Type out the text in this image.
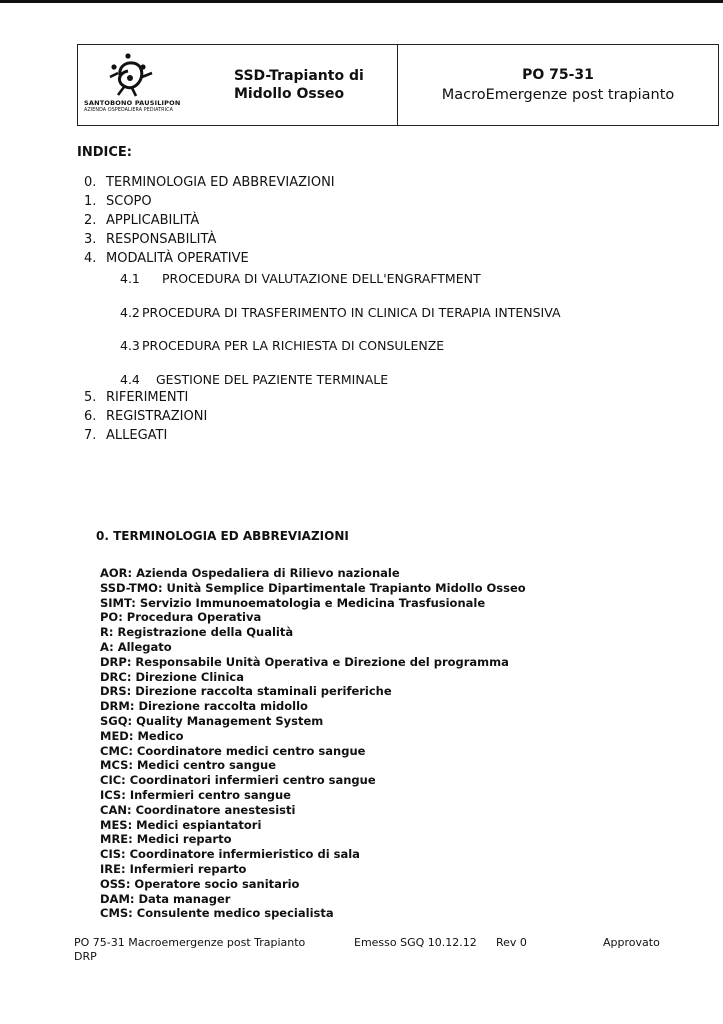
SANTOBONO PAUSILIPON
AZIENDA OSPEDALIERA PEDIATRICA
SSD-Trapianto di
Midollo Osseo
PO 75-31
MacroEmergenze post trapianto
INDICE:
0. TERMINOLOGIA ED ABBREVIAZIONI
1. SCOPO
2. APPLICABILITÀ
3. RESPONSABILITÀ
4. MODALITÀ OPERATIVE
4.1 PROCEDURA DI VALUTAZIONE DELL'ENGRAFTMENT
4.2 PROCEDURA DI TRASFERIMENTO IN CLINICA DI TERAPIA INTENSIVA
4.3 PROCEDURA PER LA RICHIESTA DI CONSULENZE
4.4 GESTIONE DEL PAZIENTE TERMINALE
5. RIFERIMENTI
6. REGISTRAZIONI
7. ALLEGATI
0. TERMINOLOGIA ED ABBREVIAZIONI
AOR: Azienda Ospedaliera di Rilievo nazionale
SSD-TMO: Unità Semplice Dipartimentale Trapianto Midollo Osseo
SIMT: Servizio Immunoematologia e Medicina Trasfusionale
PO: Procedura Operativa
R: Registrazione della Qualità
A: Allegato
DRP: Responsabile Unità Operativa e Direzione del programma
DRC: Direzione Clinica
DRS: Direzione raccolta staminali periferiche
DRM: Direzione raccolta midollo
SGQ: Quality Management System
MED: Medico
CMC: Coordinatore medici centro sangue
MCS: Medici centro sangue
CIC: Coordinatori infermieri centro sangue
ICS: Infermieri centro sangue
CAN: Coordinatore anestesisti
MES: Medici espiantatori
MRE: Medici reparto
CIS: Coordinatore infermieristico di sala
IRE: Infermieri reparto
OSS: Operatore socio sanitario
DAM: Data manager
CMS: Consulente medico specialista
PO 75-31 Macroemergenze post Trapianto
DRP
Emesso SGQ 10.12.12 Rev 0	Approvato
